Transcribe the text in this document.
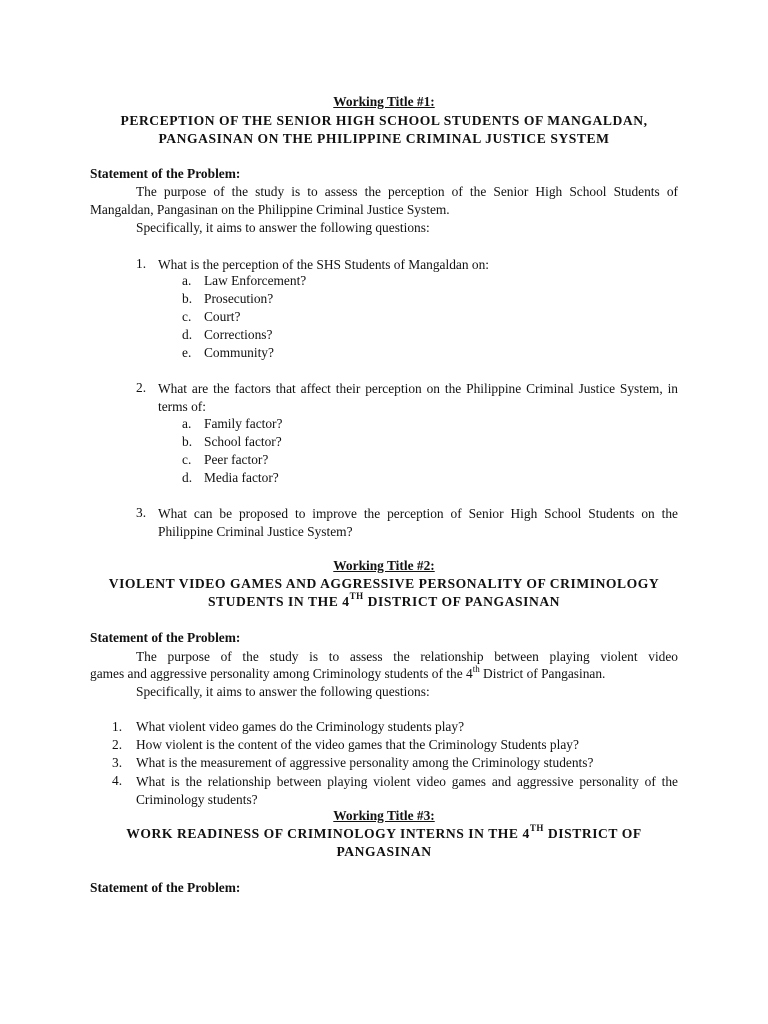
Working Title #1:
PERCEPTION OF THE SENIOR HIGH SCHOOL STUDENTS OF MANGALDAN,
PANGASINAN ON THE PHILIPPINE CRIMINAL JUSTICE SYSTEM
Statement of the Problem:
The purpose of the study is to assess the perception of the Senior High School Students of Mangaldan, Pangasinan on the Philippine Criminal Justice System.
Specifically, it aims to answer the following questions:
1. What is the perception of the SHS Students of Mangaldan on:
a. Law Enforcement?
b. Prosecution?
c. Court?
d. Corrections?
e. Community?
2. What are the factors that affect their perception on the Philippine Criminal Justice System, in terms of:
a. Family factor?
b. School factor?
c. Peer factor?
d. Media factor?
3. What can be proposed to improve the perception of Senior High School Students on the Philippine Criminal Justice System?
Working Title #2:
VIOLENT VIDEO GAMES AND AGGRESSIVE PERSONALITY OF CRIMINOLOGY
STUDENTS IN THE 4TH DISTRICT OF PANGASINAN
Statement of the Problem:
The purpose of the study is to assess the relationship between playing violent video
games and aggressive personality among Criminology students of the 4th District of Pangasinan.
Specifically, it aims to answer the following questions:
1. What violent video games do the Criminology students play?
2. How violent is the content of the video games that the Criminology Students play?
3. What is the measurement of aggressive personality among the Criminology students?
4. What is the relationship between playing violent video games and aggressive personality of the Criminology students?
Working Title #3:
WORK READINESS OF CRIMINOLOGY INTERNS IN THE 4TH DISTRICT OF
PANGASINAN
Statement of the Problem:
